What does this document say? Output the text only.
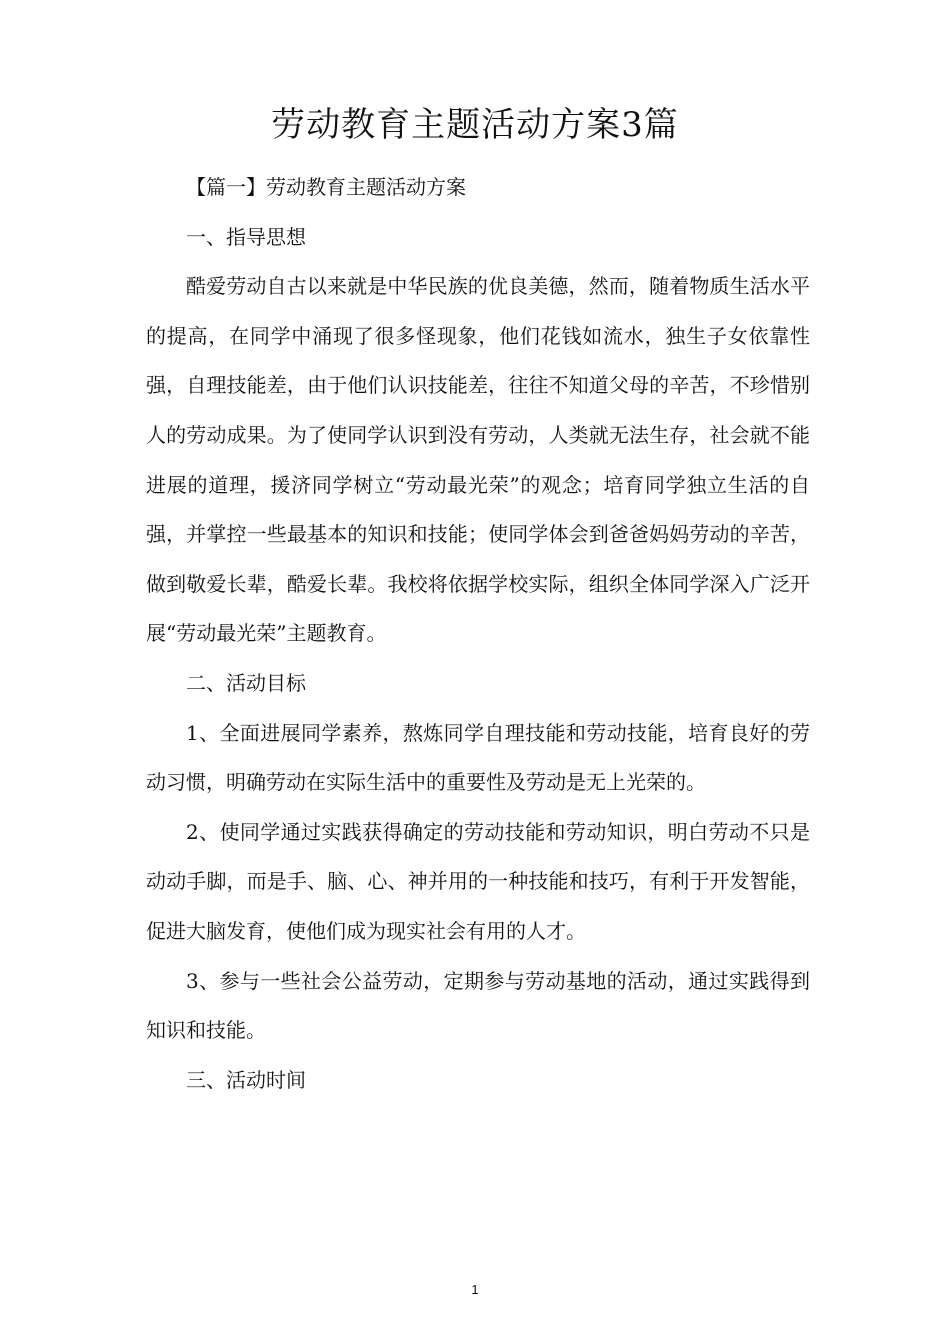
劳动教育主题活动方案3篇

【篇一】劳动教育主题活动方案

一、指导思想

酷爱劳动自古以来就是中华民族的优良美德，然而，随着物质生活水平的提高，在同学中涌现了很多怪现象，他们花钱如流水，独生子女依靠性强，自理技能差，由于他们认识技能差，往往不知道父母的辛苦，不珍惜别人的劳动成果。为了使同学认识到没有劳动，人类就无法生存，社会就不能进展的道理，援济同学树立“劳动最光荣”的观念；培育同学独立生活的自强，并掌控一些最基本的知识和技能；使同学体会到爸爸妈妈劳动的辛苦，做到敬爱长辈，酷爱长辈。我校将依据学校实际，组织全体同学深入广泛开展“劳动最光荣”主题教育。

二、活动目标

1、全面进展同学素养，熬炼同学自理技能和劳动技能，培育良好的劳动习惯，明确劳动在实际生活中的重要性及劳动是无上光荣的。

2、使同学通过实践获得确定的劳动技能和劳动知识，明白劳动不只是动动手脚，而是手、脑、心、神并用的一种技能和技巧，有利于开发智能，促进大脑发育，使他们成为现实社会有用的人才。

3、参与一些社会公益劳动，定期参与劳动基地的活动，通过实践得到知识和技能。

三、活动时间

1
